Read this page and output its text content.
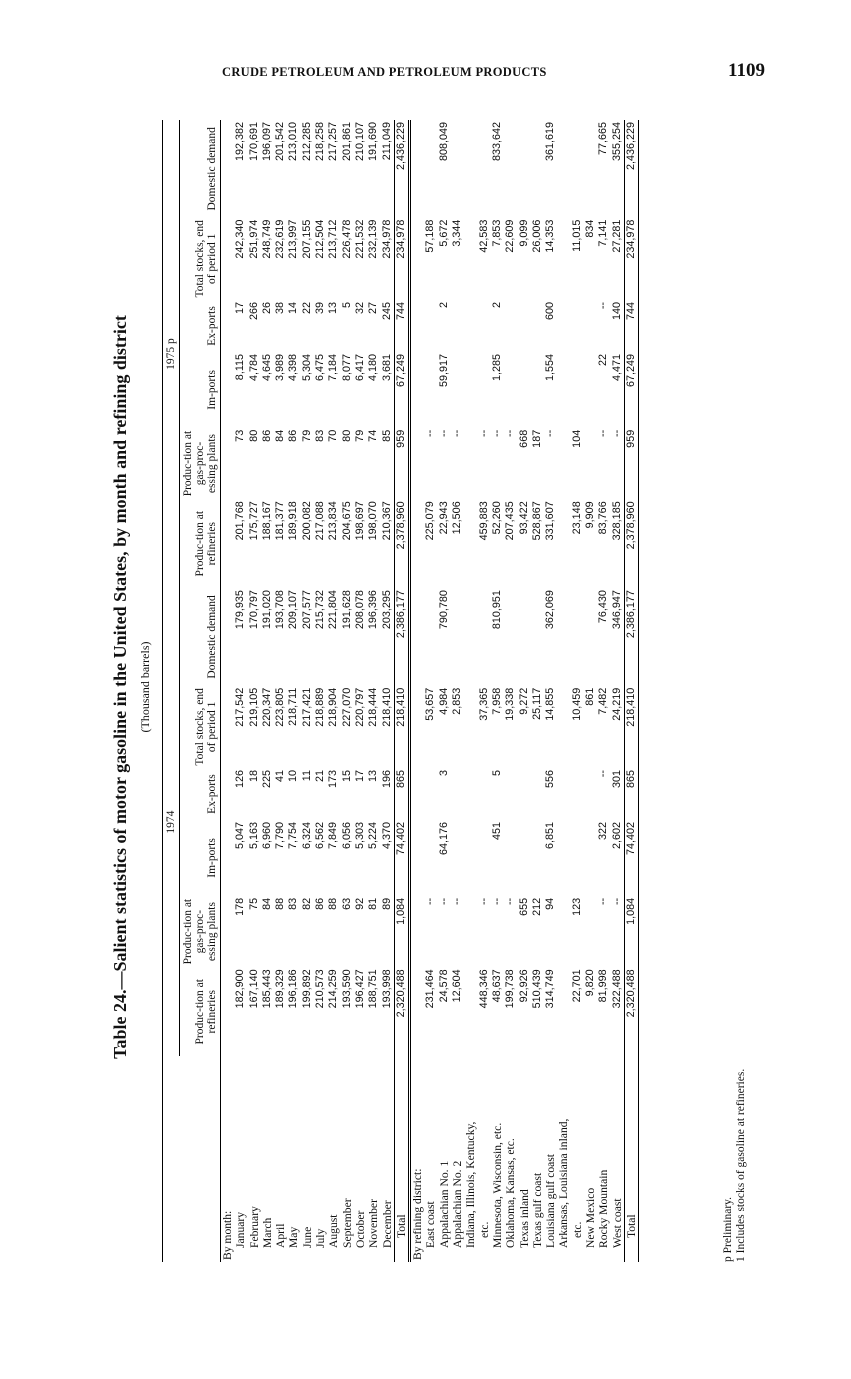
CRUDE PETROLEUM AND PETROLEUM PRODUCTS	1109
Table 24.—Salient statistics of motor gasoline in the United States, by month and refining district (Thousand barrels)
	1974						1975 p					
	Produc-tion at refineries	Produc-tion at gas-proc-essing plants	Im-ports	Ex-ports	Total stocks, end of period 1	Domestic demand	Produc-tion at refineries	Produc-tion at gas-proc-essing plants	Im-ports	Ex-ports	Total stocks, end of period 1	Domestic demand
By month:												
January	182,900	178	5,047	126	217,542	179,935	201,768	73	8,115	17	242,340	192,382
February	167,140	75	5,163	18	219,105	170,797	175,727	80	4,784	266	251,974	170,691
March	185,443	84	6,960	225	220,347	191,020	188,167	86	4,645	26	248,749	196,097
April	189,329	88	7,790	41	223,805	193,708	181,377	84	3,989	38	232,619	201,542
May	196,186	83	7,754	10	218,711	209,107	189,918	86	4,398	14	213,997	213,010
June	199,892	82	6,324	11	217,421	207,577	200,082	79	5,304	22	207,155	212,285
July	210,573	86	6,562	21	218,889	215,732	217,088	83	6,475	39	212,504	218,258
August	214,259	88	7,849	173	218,904	221,804	213,834	70	7,184	13	213,712	217,257
September	193,590	63	6,056	15	227,070	191,628	204,675	80	8,077	5	226,478	201,861
October	196,427	92	5,303	17	220,797	208,078	198,697	79	6,417	32	221,532	210,107
November	188,751	81	5,224	13	218,444	196,396	198,070	74	4,180	27	232,139	191,690
December	193,998	89	4,370	196	218,410	203,295	210,367	85	3,681	245	234,978	211,049
Total	2,320,488	1,084	74,402	865	218,410	2,386,177	2,378,960	959	67,249	744	234,978	2,436,229
By refining district:												
East coast	231,464	--	64,176	3	53,657	790,780	225,079	--	59,917	2	57,188	808,049
Appalachian No. 1	24,578	--			4,984		22,943	--			5,672	
Appalachian No. 2	12,604	--			2,853		12,506	--			3,344	
Indiana, Illinois, Kentucky,												
etc.	448,346	--	451	5	37,365	810,951	459,883	--	1,285	2	42,583	833,642
Minnesota, Wisconsin, etc.	48,637	--			7,958		52,260	--			7,853	
Oklahoma, Kansas, etc.	199,738	--			19,338		207,435	--			22,609	
Texas inland	92,926	655	6,851	556	9,272	362,069	93,422	668	1,554	600	9,099	361,619
Texas gulf coast	510,439	212			25,117		528,867	187			26,006	
Louisiana gulf coast	314,749	94			14,855		331,607	--			14,353	
Arkansas, Louisiana inland,												
etc.	22,701	123			10,459		23,148	104			11,015	
New Mexico	9,820				861		9,909				834	
Rocky Mountain	81,998	--	322	--	7,482	76,430	83,766	--	22	--	7,141	77,665
West coast	322,488	--	2,602	301	24,219	346,947	328,185	--	4,471	140	27,281	355,254
Total	2,320,488	1,084	74,402	865	218,410	2,386,177	2,378,960	959	67,249	744	234,978	2,436,229
p Preliminary. 1 Includes stocks of gasoline at refineries.
